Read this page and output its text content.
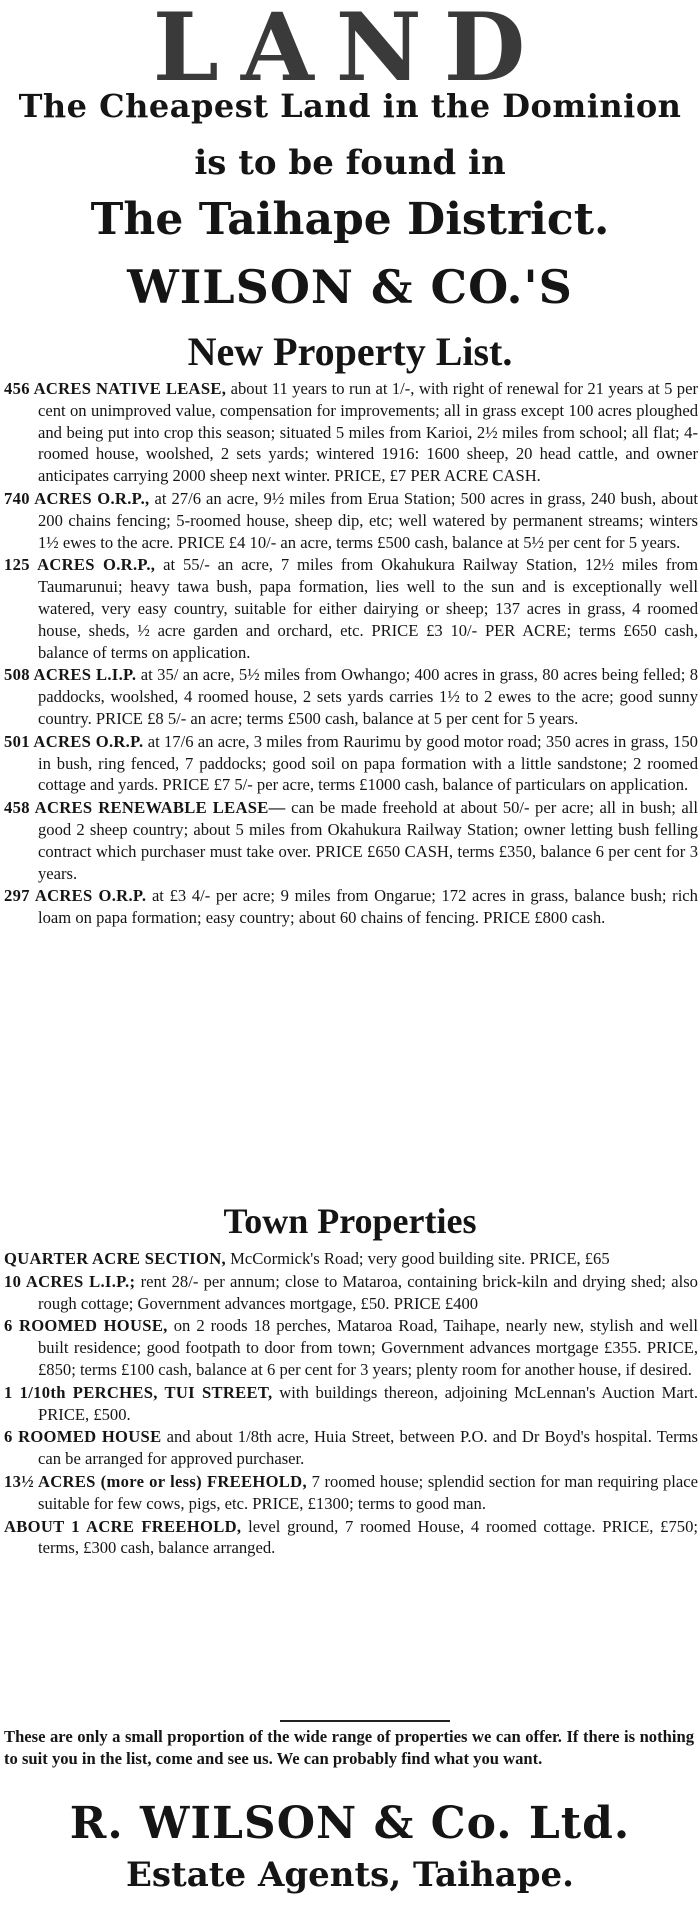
LAND
The Cheapest Land in the Dominion
is to be found in
The Taihape District.
WILSON & CO.'S
New Property List.

456 ACRES NATIVE LEASE, about 11 years to run at 1/-, with right of renewal for 21 years at 5 per cent on unimproved value, compensation for improvements; all in grass except 100 acres ploughed and being put into crop this season; situated 5 miles from Karioi, 2½ miles from school; all flat; 4-roomed house, woolshed, 2 sets yards; wintered 1916: 1600 sheep, 20 head cattle, and owner anticipates carrying 2000 sheep next winter. PRICE, £7 PER ACRE CASH.

740 ACRES O.R.P., at 27/6 an acre, 9½ miles from Erua Station; 500 acres in grass, 240 bush, about 200 chains fencing; 5-roomed house, sheep dip, etc; well watered by permanent streams; winters 1½ ewes to the acre. PRICE £4 10/- an acre, terms £500 cash, balance at 5½ per cent for 5 years.

125 ACRES O.R.P., at 55/- an acre, 7 miles from Okahukura Railway Station, 12½ miles from Taumarunui; heavy tawa bush, papa formation, lies well to the sun and is exceptionally well watered, very easy country, suitable for either dairying or sheep; 137 acres in grass, 4 roomed house, sheds, ½ acre garden and orchard, etc. PRICE £3 10/- PER ACRE; terms £650 cash, balance of terms on application.

508 ACRES L.I.P. at 35/ an acre, 5½ miles from Owhango; 400 acres in grass, 80 acres being felled; 8 paddocks, woolshed, 4 roomed house, 2 sets yards carries 1½ to 2 ewes to the acre; good sunny country. PRICE £8 5/- an acre; terms £500 cash, balance at 5 per cent for 5 years.

501 ACRES O.R.P. at 17/6 an acre, 3 miles from Raurimu by good motor road; 350 acres in grass, 150 in bush, ring fenced, 7 paddocks; good soil on papa formation with a little sandstone; 2 roomed cottage and yards. PRICE £7 5/- per acre, terms £1000 cash, balance of particulars on application.

458 ACRES RENEWABLE LEASE— can be made freehold at about 50/- per acre; all in bush; all good 2 sheep country; about 5 miles from Okahukura Railway Station; owner letting bush felling contract which purchaser must take over. PRICE £650 CASH, terms £350, balance 6 per cent for 3 years.

297 ACRES O.R.P. at £3 4/- per acre; 9 miles from Ongarue; 172 acres in grass, balance bush; rich loam on papa formation; easy country; about 60 chains of fencing. PRICE £800 cash.

Town Properties

QUARTER ACRE SECTION, McCormick's Road; very good building site. PRICE, £65

10 ACRES L.I.P.; rent 28/- per annum; close to Mataroa, containing brick-kiln and drying shed; also rough cottage; Government advances mortgage, £50. PRICE £400

6 ROOMED HOUSE, on 2 roods 18 perches, Mataroa Road, Taihape, nearly new, stylish and well built residence; good footpath to door from town; Government advances mortgage £355. PRICE, £850; terms £100 cash, balance at 6 per cent for 3 years; plenty room for another house, if desired.

1 1/10th PERCHES, TUI STREET, with buildings thereon, adjoining McLennan's Auction Mart. PRICE, £500.

6 ROOMED HOUSE and about 1/8th acre, Huia Street, between P.O. and Dr Boyd's hospital. Terms can be arranged for approved purchaser.

13½ ACRES (more or less) FREEHOLD, 7 roomed house; splendid section for man requiring place suitable for few cows, pigs, etc. PRICE, £1300; terms to good man.

ABOUT 1 ACRE FREEHOLD, level ground, 7 roomed House, 4 roomed cottage. PRICE, £750; terms, £300 cash, balance arranged.

These are only a small proportion of the wide range of properties we can offer. If there is nothing to suit you in the list, come and see us. We can probably find what you want.
R. WILSON & Co. Ltd.
Estate Agents, Taihape.
